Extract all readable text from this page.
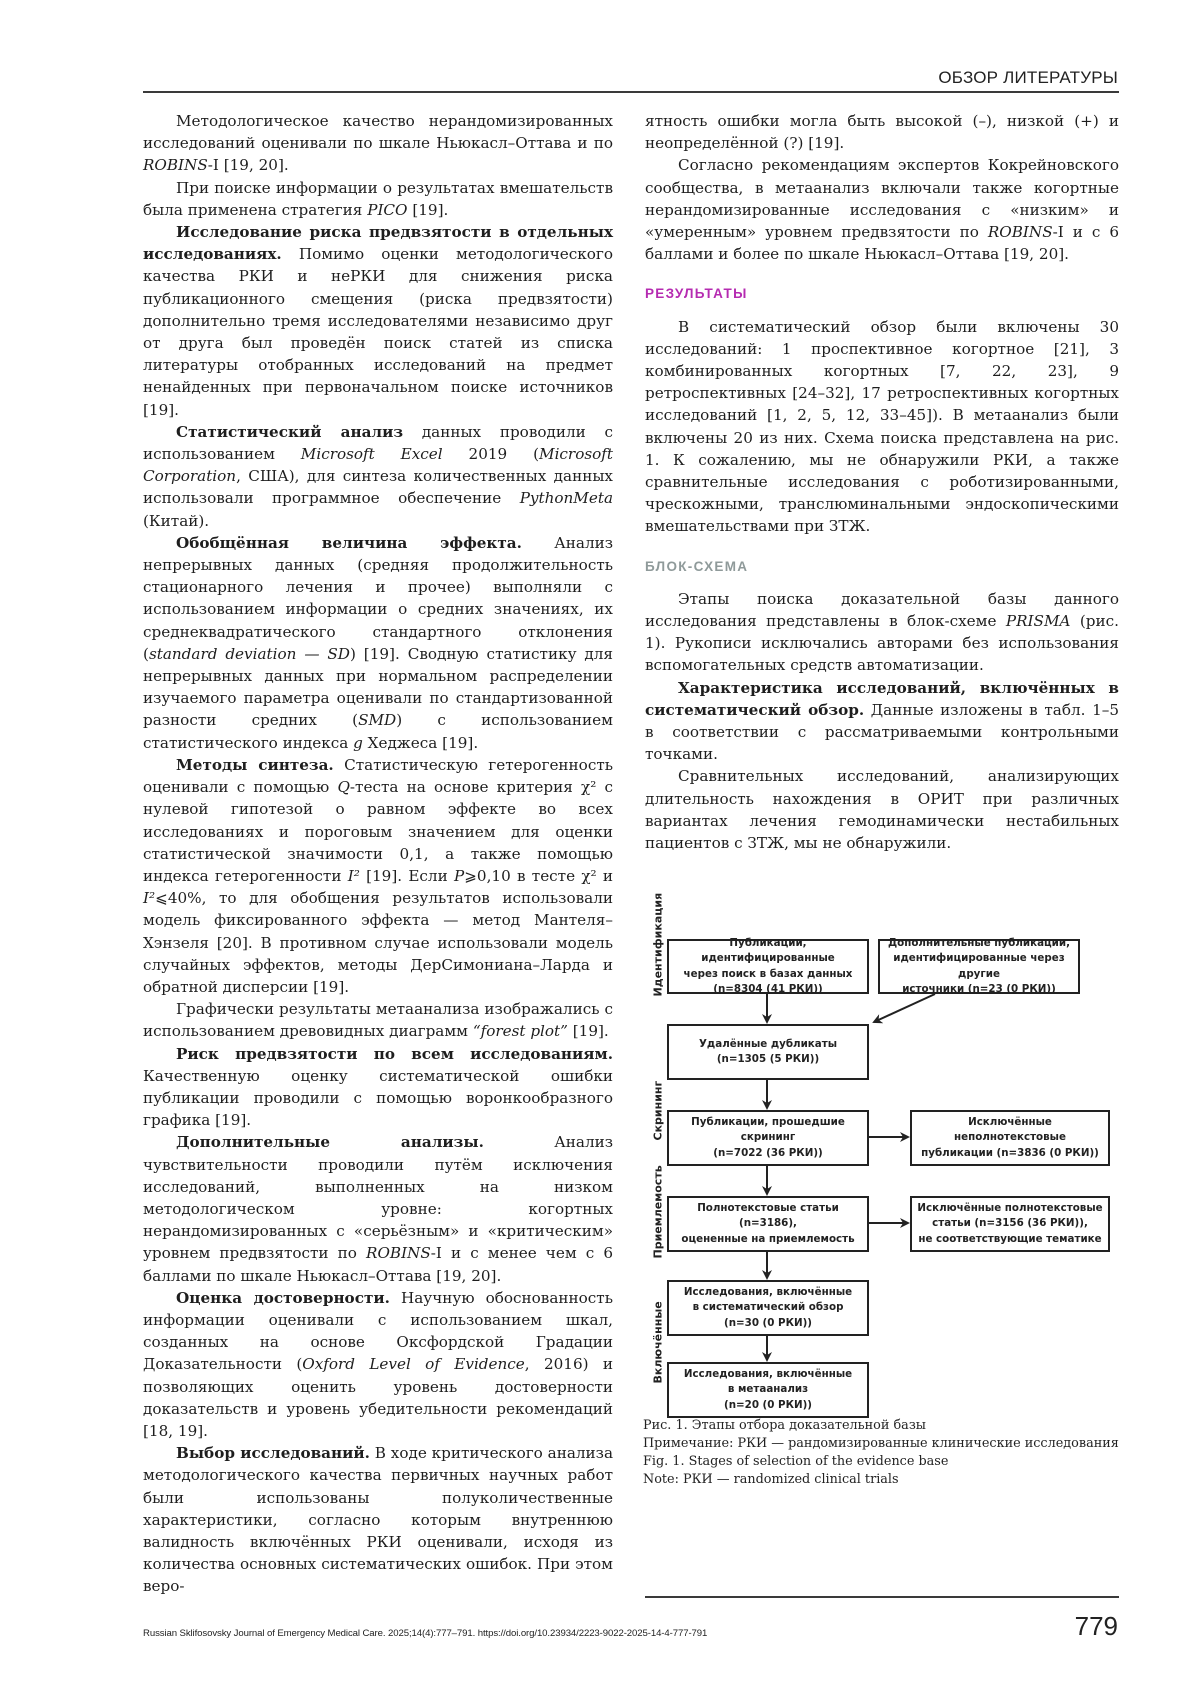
ОБЗОР ЛИТЕРАТУРЫ

Методологическое качество нерандомизированных исследований оценивали по шкале Ньюкасл–Оттава и по ROBINS-I [19, 20].

При поиске информации о результатах вмешательств была применена стратегия PICO [19].

Исследование риска предвзятости в отдельных исследованиях. Помимо оценки методологического качества РКИ и неРКИ для снижения риска публикационного смещения (риска предвзятости) дополнительно тремя исследователями независимо друг от друга был проведён поиск статей из списка литературы отобранных исследований на предмет ненайденных при первоначальном поиске источников [19].

Статистический анализ данных проводили с использованием Microsoft Excel 2019 (Microsoft Corporation, США), для синтеза количественных данных использовали программное обеспечение PythonMeta (Китай).

Обобщённая величина эффекта. Анализ непрерывных данных (средняя продолжительность стационарного лечения и прочее) выполняли с использованием информации о средних значениях, их среднеквадратического стандартного отклонения (standard deviation — SD) [19]. Сводную статистику для непрерывных данных при нормальном распределении изучаемого параметра оценивали по стандартизованной разности средних (SMD) с использованием статистического индекса g Хеджеса [19].

Методы синтеза. Статистическую гетерогенность оценивали с помощью Q-теста на основе критерия χ² с нулевой гипотезой о равном эффекте во всех исследованиях и пороговым значением для оценки статистической значимости 0,1, а также помощью индекса гетерогенности I² [19]. Если P⩾0,10 в тесте χ² и I²⩽40%, то для обобщения результатов использовали модель фиксированного эффекта — метод Мантеля–Хэнзеля [20]. В противном случае использовали модель случайных эффектов, методы ДерСимониана–Ларда и обратной дисперсии [19].

Графически результаты метаанализа изображались с использованием древовидных диаграмм “forest plot” [19].

Риск предвзятости по всем исследованиям. Качественную оценку систематической ошибки публикации проводили с помощью воронкообразного графика [19].

Дополнительные анализы. Анализ чувствительности проводили путём исключения исследований, выполненных на низком методологическом уровне: когортных нерандомизированных с «серьёзным» и «критическим» уровнем предвзятости по ROBINS-I и с менее чем с 6 баллами по шкале Ньюкасл–Оттава [19, 20].

Оценка достоверности. Научную обоснованность информации оценивали с использованием шкал, созданных на основе Оксфордской Градации Доказательности (Oxford Level of Evidence, 2016) и позволяющих оценить уровень достоверности доказательств и уровень убедительности рекомендаций [18, 19].

Выбор исследований. В ходе критического анализа методологического качества первичных научных работ были использованы полуколичественные характеристики, согласно которым внутреннюю валидность включённых РКИ оценивали, исходя из количества основных систематических ошибок. При этом веро-

ятность ошибки могла быть высокой (–), низкой (+) и неопределённой (?) [19].

Согласно рекомендациям экспертов Кокрейновского сообщества, в метаанализ включали также когортные нерандомизированные исследования с «низким» и «умеренным» уровнем предвзятости по ROBINS-I и с 6 баллами и более по шкале Ньюкасл–Оттава [19, 20].

РЕЗУЛЬТАТЫ

В систематический обзор были включены 30 исследований: 1 проспективное когортное [21], 3 комбинированных когортных [7, 22, 23], 9 ретроспективных [24–32], 17 ретроспективных когортных исследований [1, 2, 5, 12, 33–45]). В метаанализ были включены 20 из них. Схема поиска представлена на рис. 1. К сожалению, мы не обнаружили РКИ, а также сравнительные исследования с роботизированными, чрескожными, транслюминальными эндоскопическими вмешательствами при ЗТЖ.

БЛОК-СХЕМА

Этапы поиска доказательной базы данного исследования представлены в блок-схеме PRISMA (рис. 1). Рукописи исключались авторами без использования вспомогательных средств автоматизации.

Характеристика исследований, включённых в систематический обзор. Данные изложены в табл. 1–5 в соответствии с рассматриваемыми контрольными точками.

Сравнительных исследований, анализирующих длительность нахождения в ОРИТ при различных вариантах лечения гемодинамически нестабильных пациентов с ЗТЖ, мы не обнаружили.

Идентификация
Скрининг
Приемлемость
Включённые
Публикации, идентифицированные
через поиск в базах данных
(n=8304 (41 РКИ))
Дополнительные публикации,
идентифицированные через другие
источники (n=23 (0 РКИ))
Удалённые дубликаты
(n=1305 (5 РКИ))
Публикации, прошедшие скрининг
(n=7022 (36 РКИ))
Исключённые неполнотекстовые
публикации (n=3836 (0 РКИ))
Полнотекстовые статьи (n=3186),
оцененные на приемлемость
Исключённые полнотекстовые
статьи (n=3156 (36 РКИ)),
не соответствующие тематике
Исследования, включённые
в систематический обзор
(n=30 (0 РКИ))
Исследования, включённые
в метаанализ
(n=20 (0 РКИ))
Рис. 1. Этапы отбора доказательной базы
Примечание: РКИ — рандомизированные клинические исследования
Fig. 1. Stages of selection of the evidence base
Note: РКИ — randomized clinical trials
Russian Sklifosovsky Journal of Emergency Medical Care. 2025;14(4):777–791. https://doi.org/10.23934/2223-9022-2025-14-4-777-791	779
